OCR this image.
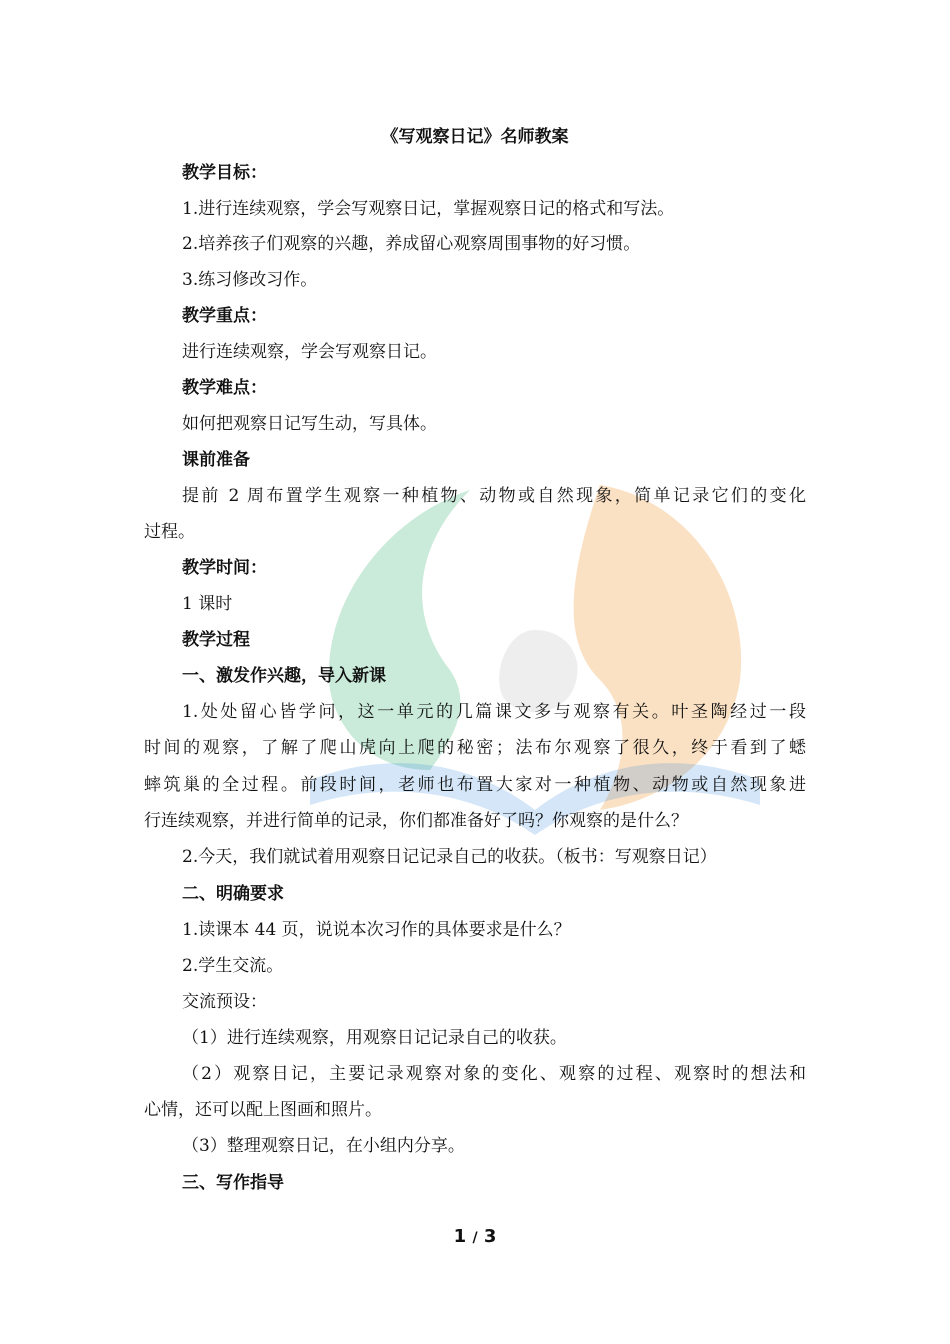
《写观察日记》名师教案
教学目标：
1.进行连续观察，学会写观察日记，掌握观察日记的格式和写法。
2.培养孩子们观察的兴趣，养成留心观察周围事物的好习惯。
3.练习修改习作。
教学重点：
进行连续观察，学会写观察日记。
教学难点：
如何把观察日记写生动，写具体。
课前准备
提前 2 周布置学生观察一种植物、动物或自然现象，简单记录它们的变化
过程。
教学时间：
1 课时
教学过程
一、激发作兴趣，导入新课
1.处处留心皆学问，这一单元的几篇课文多与观察有关。叶圣陶经过一段
时间的观察，了解了爬山虎向上爬的秘密；法布尔观察了很久，终于看到了蟋
蟀筑巢的全过程。前段时间，老师也布置大家对一种植物、动物或自然现象进
行连续观察，并进行简单的记录，你们都准备好了吗？你观察的是什么？
2.今天，我们就试着用观察日记记录自己的收获。（板书：写观察日记）
二、明确要求
1.读课本 44 页，说说本次习作的具体要求是什么？
2.学生交流。
交流预设：
（1）进行连续观察，用观察日记记录自己的收获。
（2）观察日记，主要记录观察对象的变化、观察的过程、观察时的想法和
心情，还可以配上图画和照片。
（3）整理观察日记，在小组内分享。
三、写作指导
1 / 3
